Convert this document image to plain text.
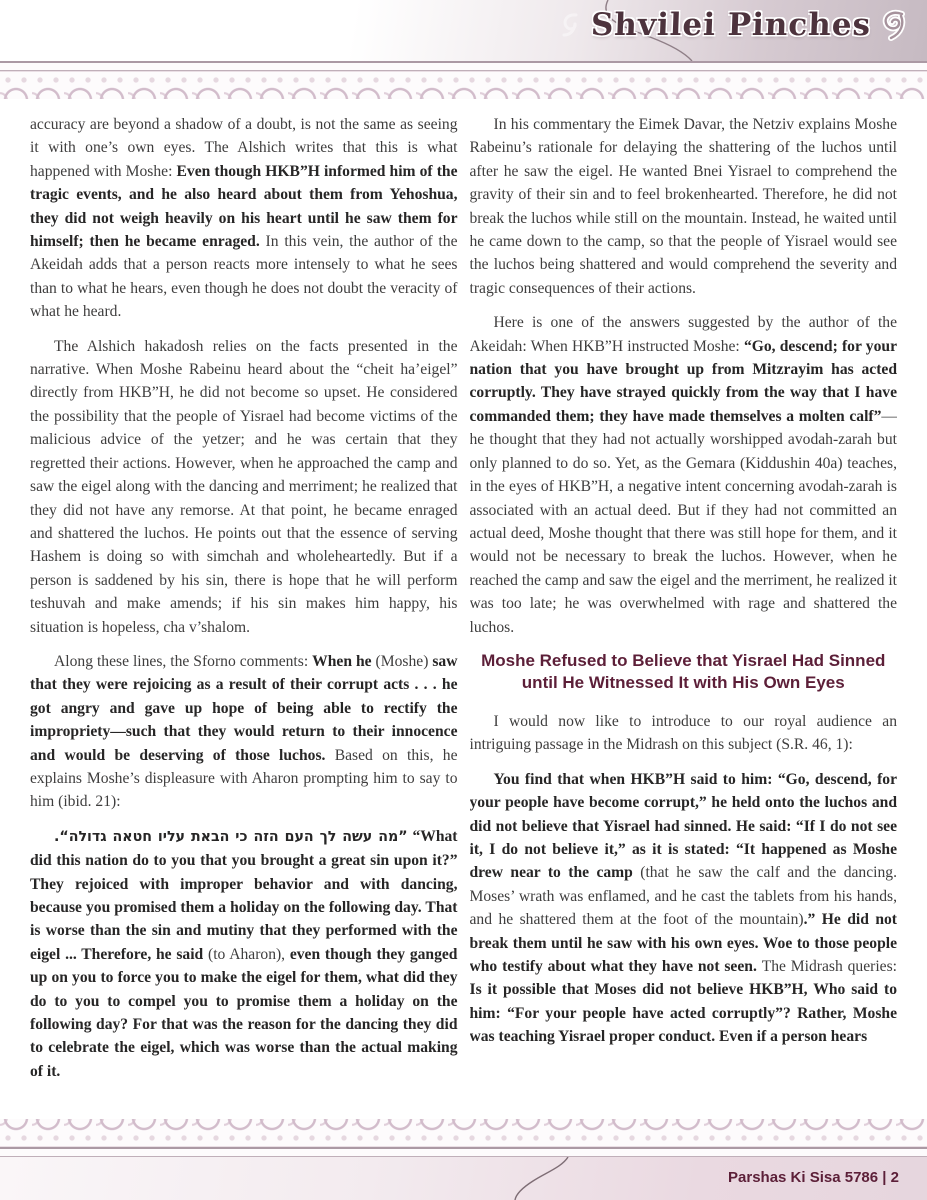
Shvilei Pinches

accuracy are beyond a shadow of a doubt, is not the same as seeing it with one’s own eyes. The Alshich writes that this is what happened with Moshe: Even though HKB”H informed him of the tragic events, and he also heard about them from Yehoshua, they did not weigh heavily on his heart until he saw them for himself; then he became enraged. In this vein, the author of the Akeidah adds that a person reacts more intensely to what he sees than to what he hears, even though he does not doubt the veracity of what he heard.

The Alshich hakadosh relies on the facts presented in the narrative. When Moshe Rabeinu heard about the “cheit ha’eigel” directly from HKB”H, he did not become so upset. He considered the possibility that the people of Yisrael had become victims of the malicious advice of the yetzer; and he was certain that they regretted their actions. However, when he approached the camp and saw the eigel along with the dancing and merriment; he realized that they did not have any remorse. At that point, he became enraged and shattered the luchos. He points out that the essence of serving Hashem is doing so with simchah and wholeheartedly. But if a person is saddened by his sin, there is hope that he will perform teshuvah and make amends; if his sin makes him happy, his situation is hopeless, cha v’shalom.

Along these lines, the Sforno comments: When he (Moshe) saw that they were rejoicing as a result of their corrupt acts . . . he got angry and gave up hope of being able to rectify the impropriety—such that they would return to their innocence and would be deserving of those luchos. Based on this, he explains Moshe’s displeasure with Aharon prompting him to say to him (ibid. 21):

”מה עשה לך העם הזה כי הבאת עליו חטאה גדולה“. “What did this nation do to you that you brought a great sin upon it?” They rejoiced with improper behavior and with dancing, because you promised them a holiday on the following day. That is worse than the sin and mutiny that they performed with the eigel ... Therefore, he said (to Aharon), even though they ganged up on you to force you to make the eigel for them, what did they do to you to compel you to promise them a holiday on the following day? For that was the reason for the dancing they did to celebrate the eigel, which was worse than the actual making of it.

In his commentary the Eimek Davar, the Netziv explains Moshe Rabeinu’s rationale for delaying the shattering of the luchos until after he saw the eigel. He wanted Bnei Yisrael to comprehend the gravity of their sin and to feel brokenhearted. Therefore, he did not break the luchos while still on the mountain. Instead, he waited until he came down to the camp, so that the people of Yisrael would see the luchos being shattered and would comprehend the severity and tragic consequences of their actions.

Here is one of the answers suggested by the author of the Akeidah: When HKB”H instructed Moshe: “Go, descend; for your nation that you have brought up from Mitzrayim has acted corruptly. They have strayed quickly from the way that I have commanded them; they have made themselves a molten calf”—he thought that they had not actually worshipped avodah-zarah but only planned to do so. Yet, as the Gemara (Kiddushin 40a) teaches, in the eyes of HKB”H, a negative intent concerning avodah-zarah is associated with an actual deed. But if they had not committed an actual deed, Moshe thought that there was still hope for them, and it would not be necessary to break the luchos. However, when he reached the camp and saw the eigel and the merriment, he realized it was too late; he was overwhelmed with rage and shattered the luchos.

Moshe Refused to Believe that Yisrael Had Sinned until He Witnessed It with His Own Eyes

I would now like to introduce to our royal audience an intriguing passage in the Midrash on this subject (S.R. 46, 1):

You find that when HKB”H said to him: “Go, descend, for your people have become corrupt,” he held onto the luchos and did not believe that Yisrael had sinned. He said: “If I do not see it, I do not believe it,” as it is stated: “It happened as Moshe drew near to the camp (that he saw the calf and the dancing. Moses’ wrath was enflamed, and he cast the tablets from his hands, and he shattered them at the foot of the mountain).” He did not break them until he saw with his own eyes. Woe to those people who testify about what they have not seen. The Midrash queries: Is it possible that Moses did not believe HKB”H, Who said to him: “For your people have acted corruptly”? Rather, Moshe was teaching Yisrael proper conduct. Even if a person hears

Parshas Ki Sisa 5786 | 2
